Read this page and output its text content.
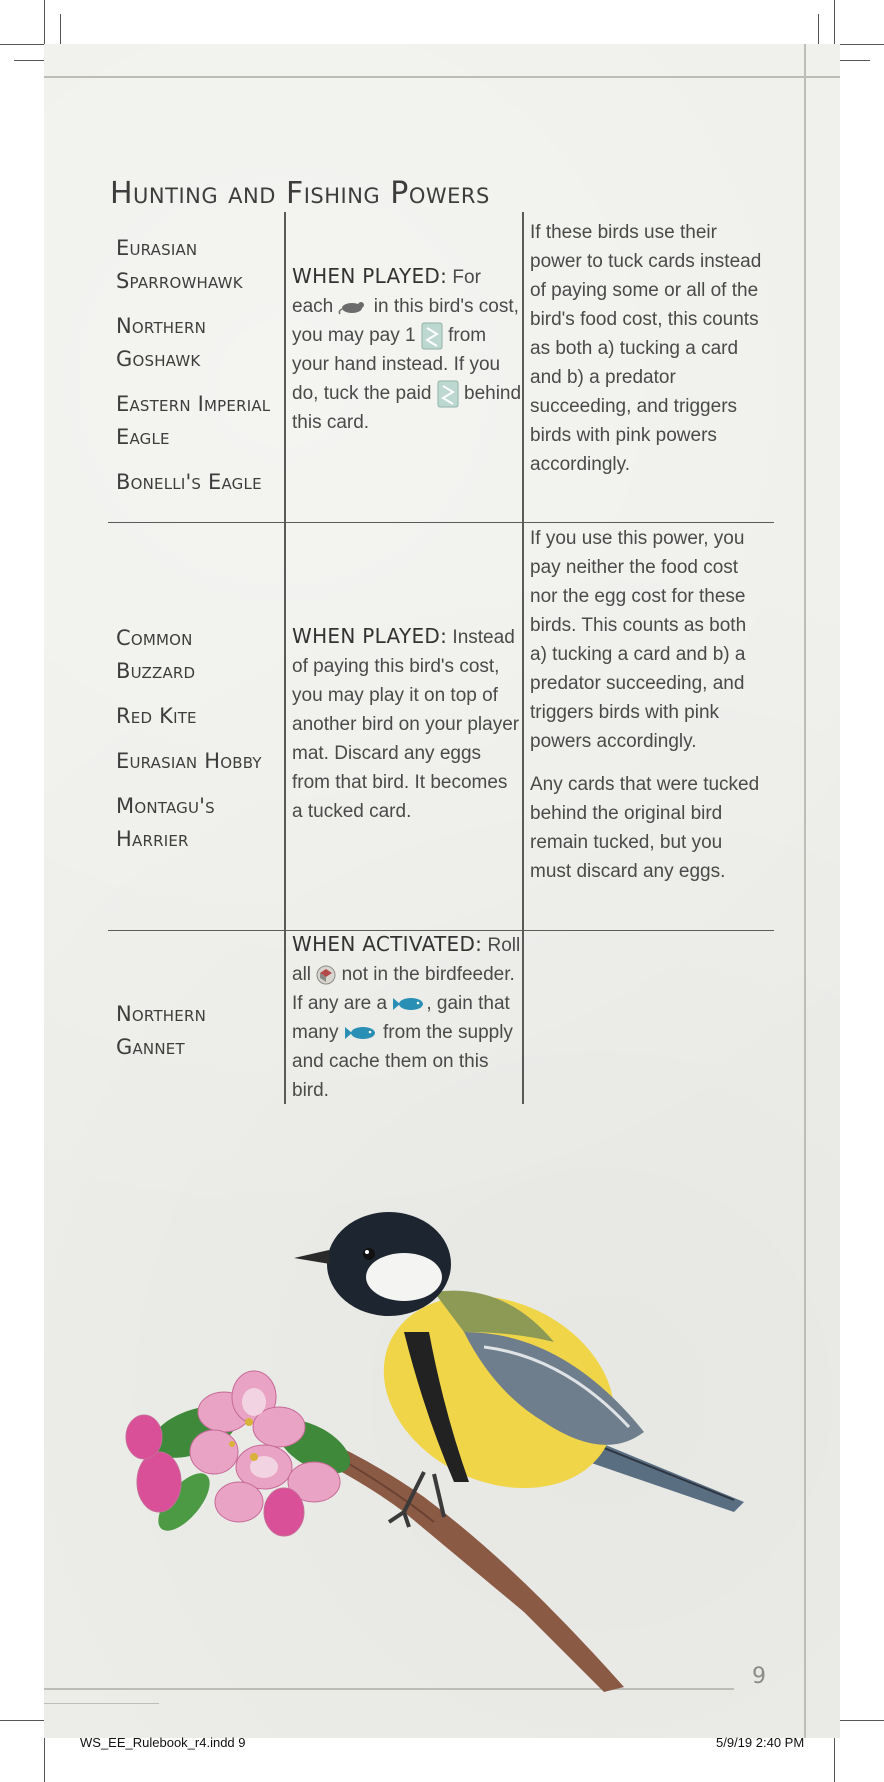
Hunting and Fishing Powers
Eurasian Sparrowhawk
Northern Goshawk
Eastern Imperial Eagle
Bonelli's Eagle

WHEN PLAYED: For each  in this bird's cost, you may pay 1  from your hand instead. If you do, tuck the paid  behind this card.

If these birds use their power to tuck cards instead of paying some or all of the bird's food cost, this counts as both a) tucking a card and b) a predator succeeding, and triggers birds with pink powers accordingly.

Common Buzzard
Red Kite
Eurasian Hobby
Montagu's Harrier

WHEN PLAYED: Instead of paying this bird's cost, you may play it on top of another bird on your player mat. Discard any eggs from that bird. It becomes a tucked card.

If you use this power, you pay neither the food cost nor the egg cost for these birds. This counts as both a) tucking a card and b) a predator succeeding, and triggers birds with pink powers accordingly.

Any cards that were tucked behind the original bird remain tucked, but you must discard any eggs.

Northern Gannet

WHEN ACTIVATED: Roll all  not in the birdfeeder. If any are a , gain that many  from the supply and cache them on this bird.

9
WS_EE_Rulebook_r4.indd 9	5/9/19 2:40 PM
